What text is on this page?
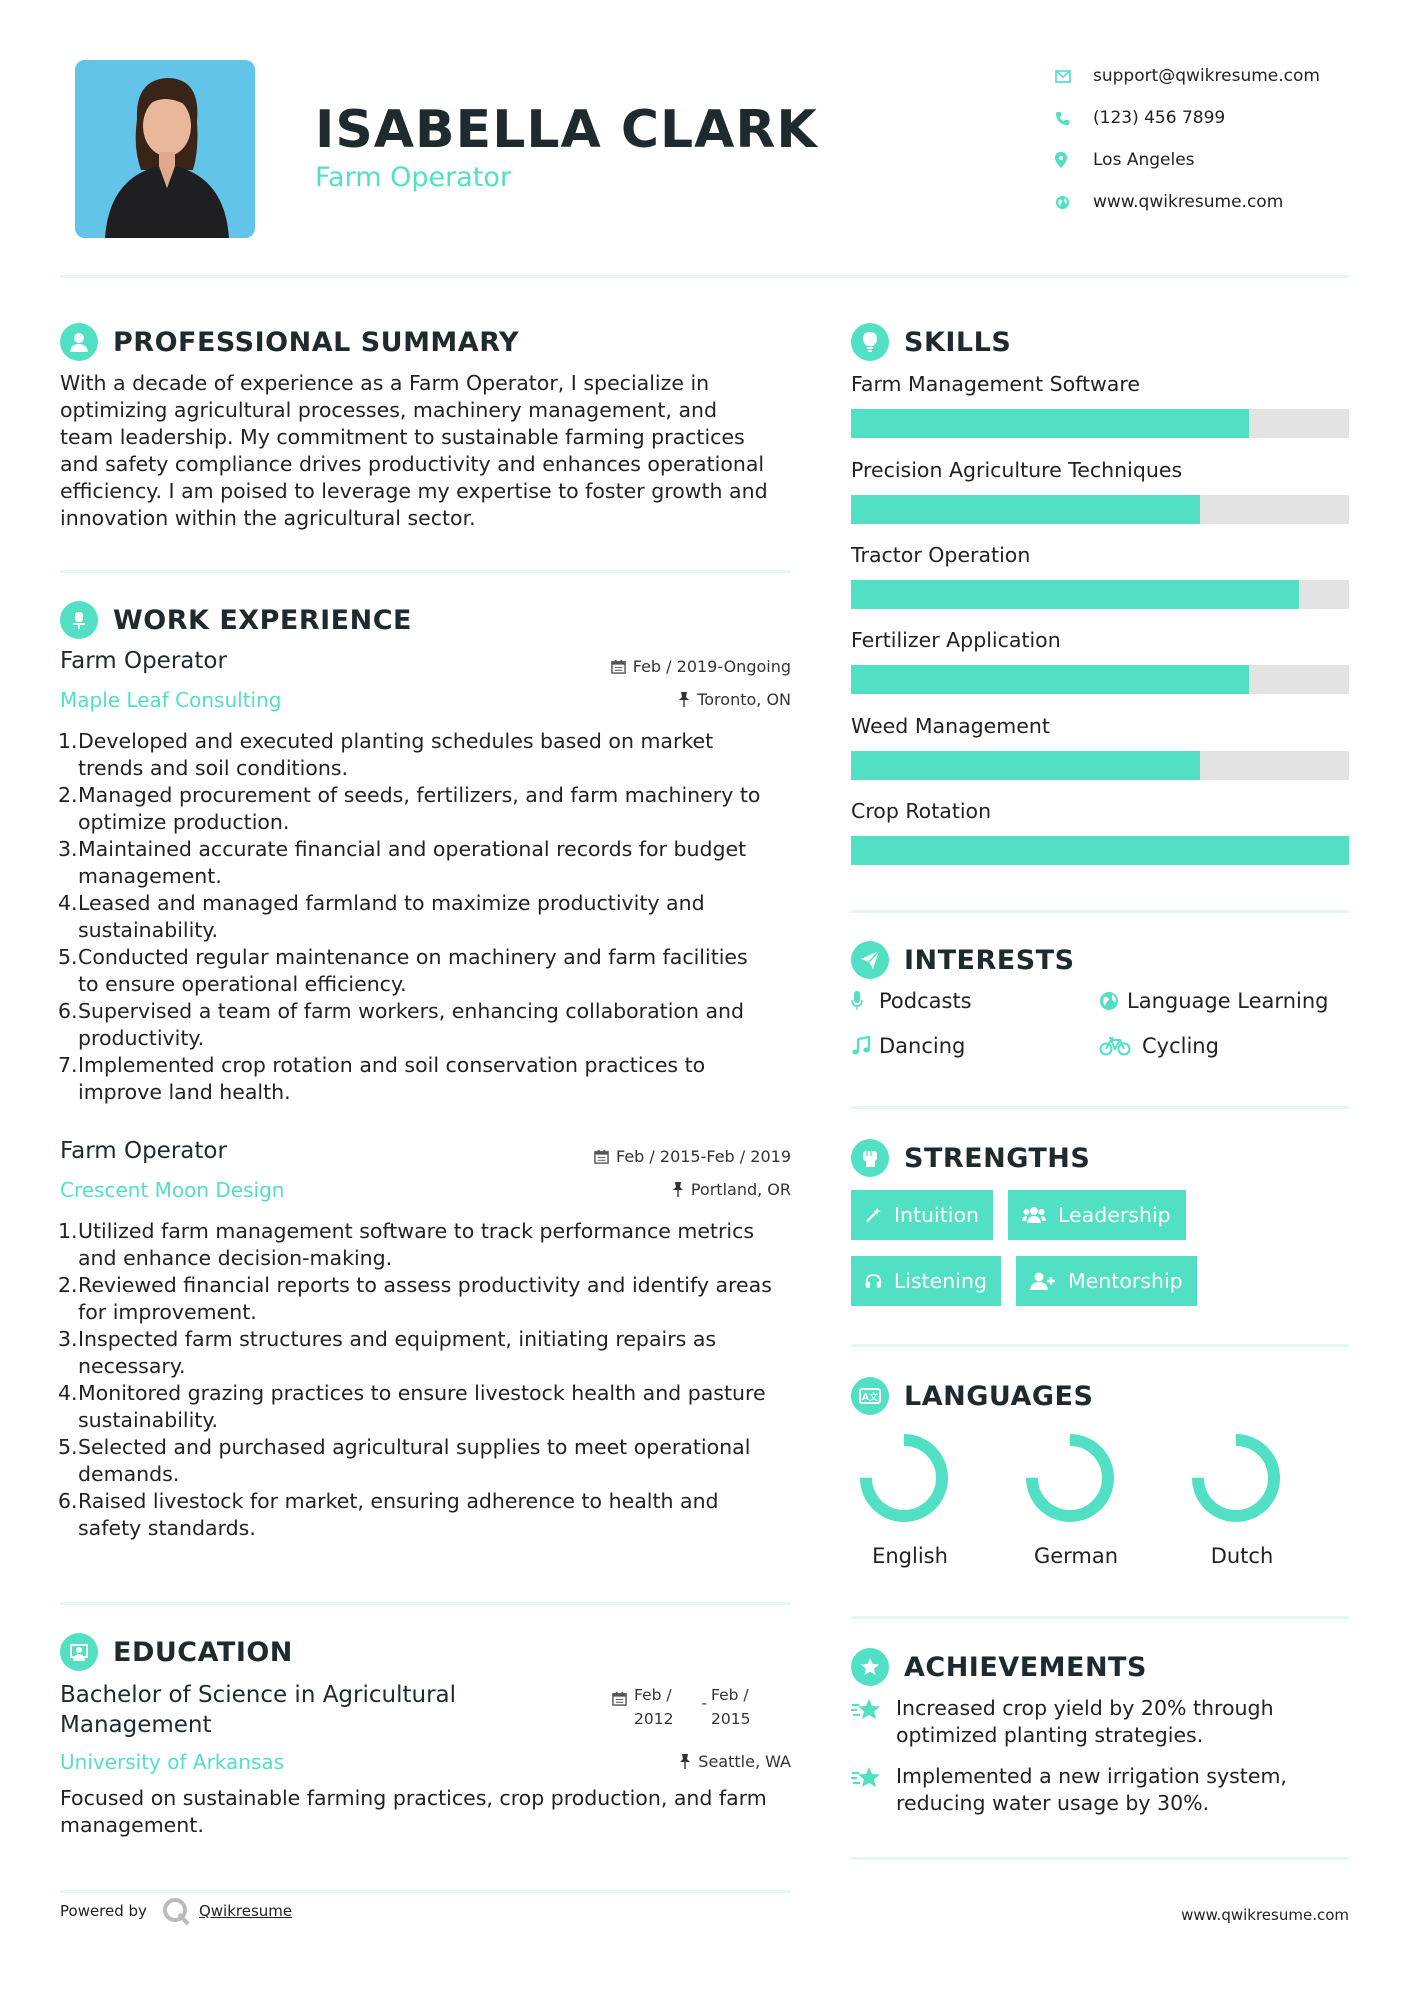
ISABELLA CLARK
Farm Operator
support@qwikresume.com
(123) 456 7899
Los Angeles
www.qwikresume.com
PROFESSIONAL SUMMARY
With a decade of experience as a Farm Operator, I specialize in
optimizing agricultural processes, machinery management, and
team leadership. My commitment to sustainable farming practices
and safety compliance drives productivity and enhances operational
efficiency. I am poised to leverage my expertise to foster growth and
innovation within the agricultural sector.
WORK EXPERIENCE
Farm Operator
Maple Leaf Consulting
Feb / 2019-Ongoing
Toronto, ON
Developed and executed planting schedules based on market
trends and soil conditions.
Managed procurement of seeds, fertilizers, and farm machinery to
optimize production.
Maintained accurate financial and operational records for budget
management.
Leased and managed farmland to maximize productivity and
sustainability.
Conducted regular maintenance on machinery and farm facilities
to ensure operational efficiency.
Supervised a team of farm workers, enhancing collaboration and
productivity.
Implemented crop rotation and soil conservation practices to
improve land health.
Farm Operator
Crescent Moon Design
Feb / 2015-Feb / 2019
Portland, OR
Utilized farm management software to track performance metrics
and enhance decision-making.
Reviewed financial reports to assess productivity and identify areas
for improvement.
Inspected farm structures and equipment, initiating repairs as
necessary.
Monitored grazing practices to ensure livestock health and pasture
sustainability.
Selected and purchased agricultural supplies to meet operational
demands.
Raised livestock for market, ensuring adherence to health and
safety standards.
EDUCATION
Bachelor of Science in Agricultural
Management
Feb /
2012
- Feb /
2015
University of Arkansas	Seattle, WA
Focused on sustainable farming practices, crop production, and farm
management.
SKILLS
Farm Management Software
Precision Agriculture Techniques
Tractor Operation
Fertilizer Application
Weed Management
Crop Rotation
INTERESTS
Podcasts	Language Learning
Dancing	Cycling
STRENGTHS
Intuition	Leadership
Listening	Mentorship
A文 LANGUAGES
English	German	Dutch
ACHIEVEMENTS
Increased crop yield by 20% through
optimized planting strategies.
Implemented a new irrigation system,
reducing water usage by 30%.
Powered by	Qwikresume	www.qwikresume.com
